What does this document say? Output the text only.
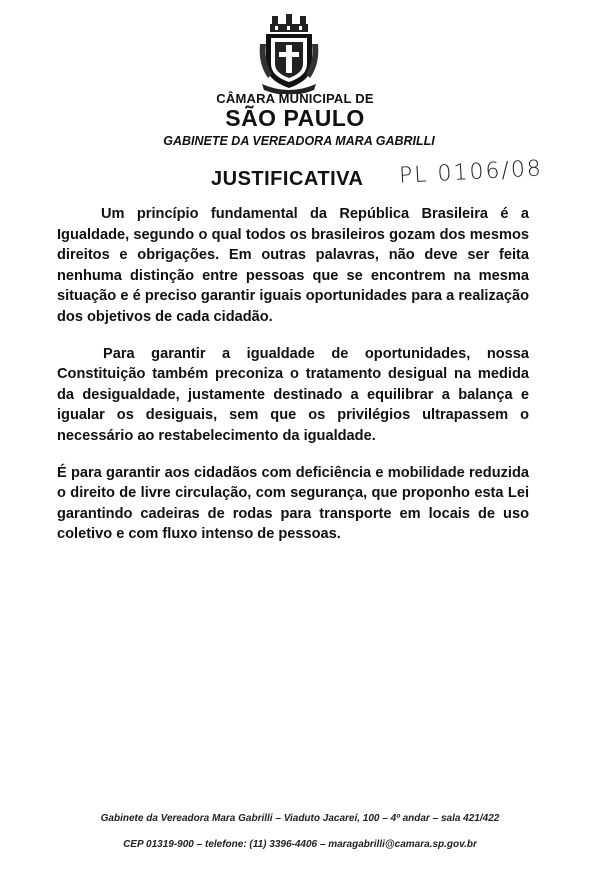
CÂMARA MUNICIPAL DE
SÃO PAULO
GABINETE DA VEREADORA MARA GABRILLI
JUSTIFICATIVA PL 0106/08

Um princípio fundamental da República Brasileira é a Igualdade, segundo o qual todos os brasileiros gozam dos mesmos direitos e obrigações. Em outras palavras, não deve ser feita nenhuma distinção entre pessoas que se encontrem na mesma situação e é preciso garantir iguais oportunidades para a realização dos objetivos de cada cidadão.

Para garantir a igualdade de oportunidades, nossa Constituição também preconiza o tratamento desigual na medida da desigualdade, justamente destinado a equilibrar a balança e igualar os desiguais, sem que os privilégios ultrapassem o necessário ao restabelecimento da igualdade.

É para garantir aos cidadãos com deficiência e mobilidade reduzida o direito de livre circulação, com segurança, que proponho esta Lei garantindo cadeiras de rodas para transporte em locais de uso coletivo e com fluxo intenso de pessoas.

Gabinete da Vereadora Mara Gabrilli – Viaduto Jacareí, 100 – 4º andar – sala 421/422
CEP 01319-900 – telefone: (11) 3396-4406 – maragabrilli@camara.sp.gov.br
